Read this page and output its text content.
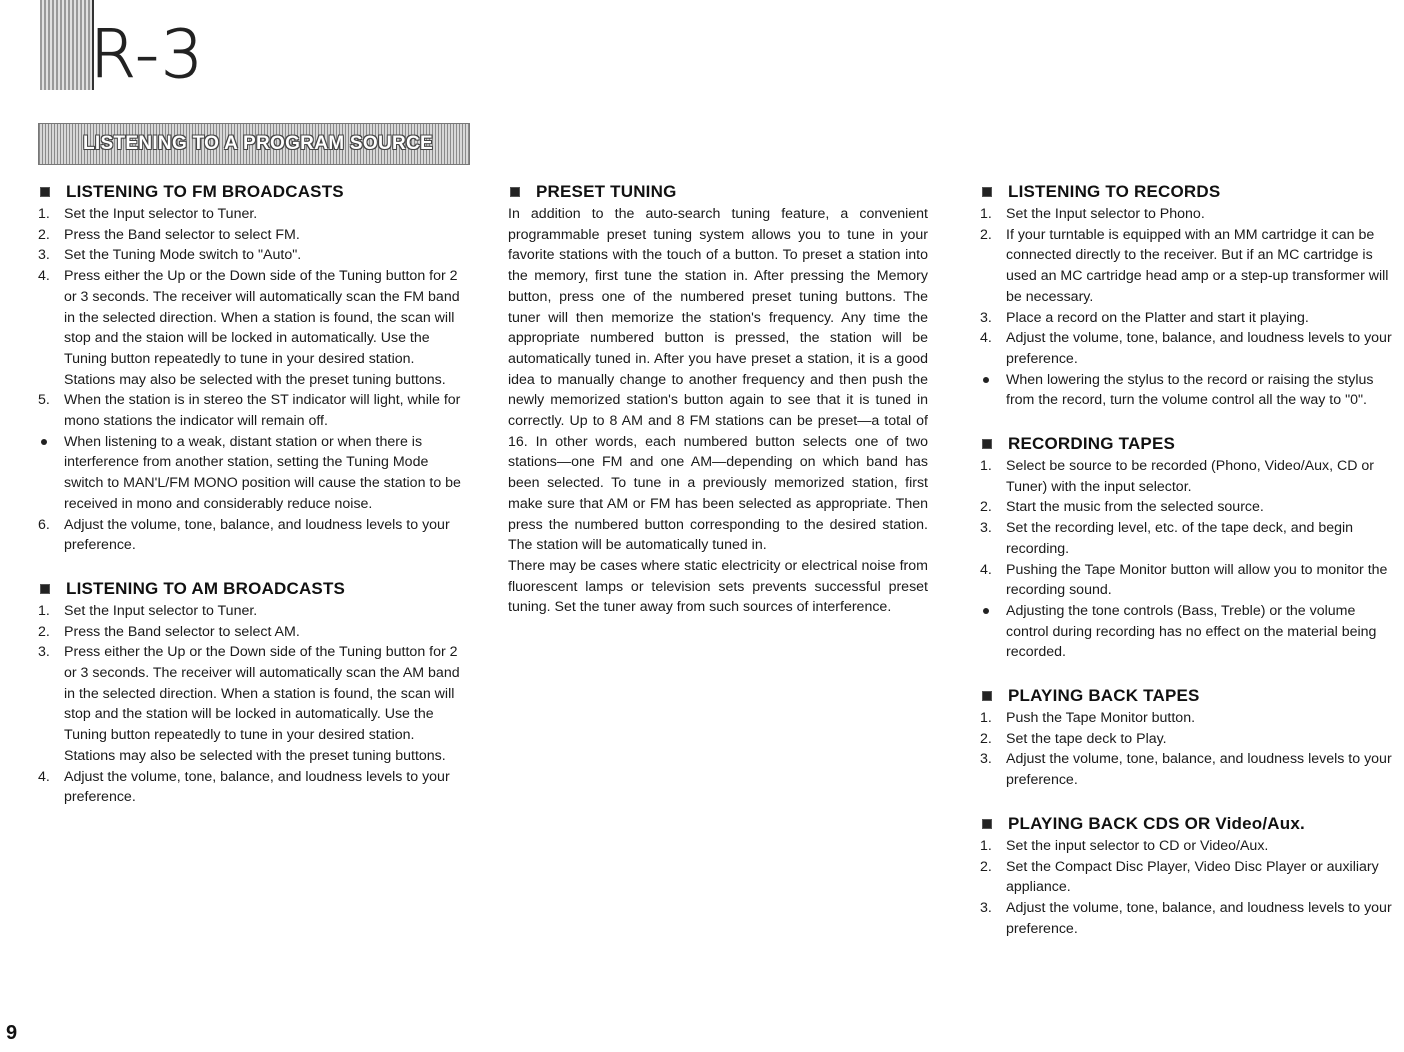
R-3
LISTENING TO A PROGRAM SOURCE
LISTENING TO FM BROADCASTS
1. Set the Input selector to Tuner.
2. Press the Band selector to select FM.
3. Set the Tuning Mode switch to "Auto".
4. Press either the Up or the Down side of the Tuning button for 2 or 3 seconds. The receiver will automatically scan the FM band in the selected direction. When a station is found, the scan will stop and the staion will be locked in automatically. Use the Tuning button repeatedly to tune in your desired station. Stations may also be selected with the preset tuning buttons.
5. When the station is in stereo the ST indicator will light, while for mono stations the indicator will remain off.
When listening to a weak, distant station or when there is interference from another station, setting the Tuning Mode switch to MAN'L/FM MONO position will cause the station to be received in mono and considerably reduce noise.
6. Adjust the volume, tone, balance, and loudness levels to your preference.
LISTENING TO AM BROADCASTS
1. Set the Input selector to Tuner.
2. Press the Band selector to select AM.
3. Press either the Up or the Down side of the Tuning button for 2 or 3 seconds. The receiver will automatically scan the AM band in the selected direction. When a station is found, the scan will stop and the station will be locked in automatically. Use the Tuning button repeatedly to tune in your desired station. Stations may also be selected with the preset tuning buttons.
4. Adjust the volume, tone, balance, and loudness levels to your preference.
PRESET TUNING

In addition to the auto-search tuning feature, a convenient programmable preset tuning system allows you to tune in your favorite stations with the touch of a button. To preset a station into the memory, first tune the station in. After pressing the Memory button, press one of the numbered preset tuning buttons. The tuner will then memorize the station's frequency. Any time the appropriate numbered button is pressed, the station will be automatically tuned in. After you have preset a station, it is a good idea to manually change to another frequency and then push the newly memorized station's button again to see that it is tuned in correctly. Up to 8 AM and 8 FM stations can be preset—a total of 16. In other words, each numbered button selects one of two stations—one FM and one AM—depending on which band has been selected. To tune in a previously memorized station, first make sure that AM or FM has been selected as appropriate. Then press the numbered button corresponding to the desired station. The station will be automatically tuned in.

There may be cases where static electricity or electrical noise from fluorescent lamps or television sets prevents successful preset tuning. Set the tuner away from such sources of interference.

LISTENING TO RECORDS
1. Set the Input selector to Phono.
2. If your turntable is equipped with an MM cartridge it can be connected directly to the receiver. But if an MC cartridge is used an MC cartridge head amp or a step-up transformer will be necessary.
3. Place a record on the Platter and start it playing.
4. Adjust the volume, tone, balance, and loudness levels to your preference.
When lowering the stylus to the record or raising the stylus from the record, turn the volume control all the way to "0".
RECORDING TAPES
1. Select be source to be recorded (Phono, Video/Aux, CD or Tuner) with the input selector.
2. Start the music from the selected source.
3. Set the recording level, etc. of the tape deck, and begin recording.
4. Pushing the Tape Monitor button will allow you to monitor the recording sound.
Adjusting the tone controls (Bass, Treble) or the volume control during recording has no effect on the material being recorded.
PLAYING BACK TAPES
1. Push the Tape Monitor button.
2. Set the tape deck to Play.
3. Adjust the volume, tone, balance, and loudness levels to your preference.
PLAYING BACK CDS OR Video/Aux.
1. Set the input selector to CD or Video/Aux.
2. Set the Compact Disc Player, Video Disc Player or auxiliary appliance.
3. Adjust the volume, tone, balance, and loudness levels to your preference.
9
